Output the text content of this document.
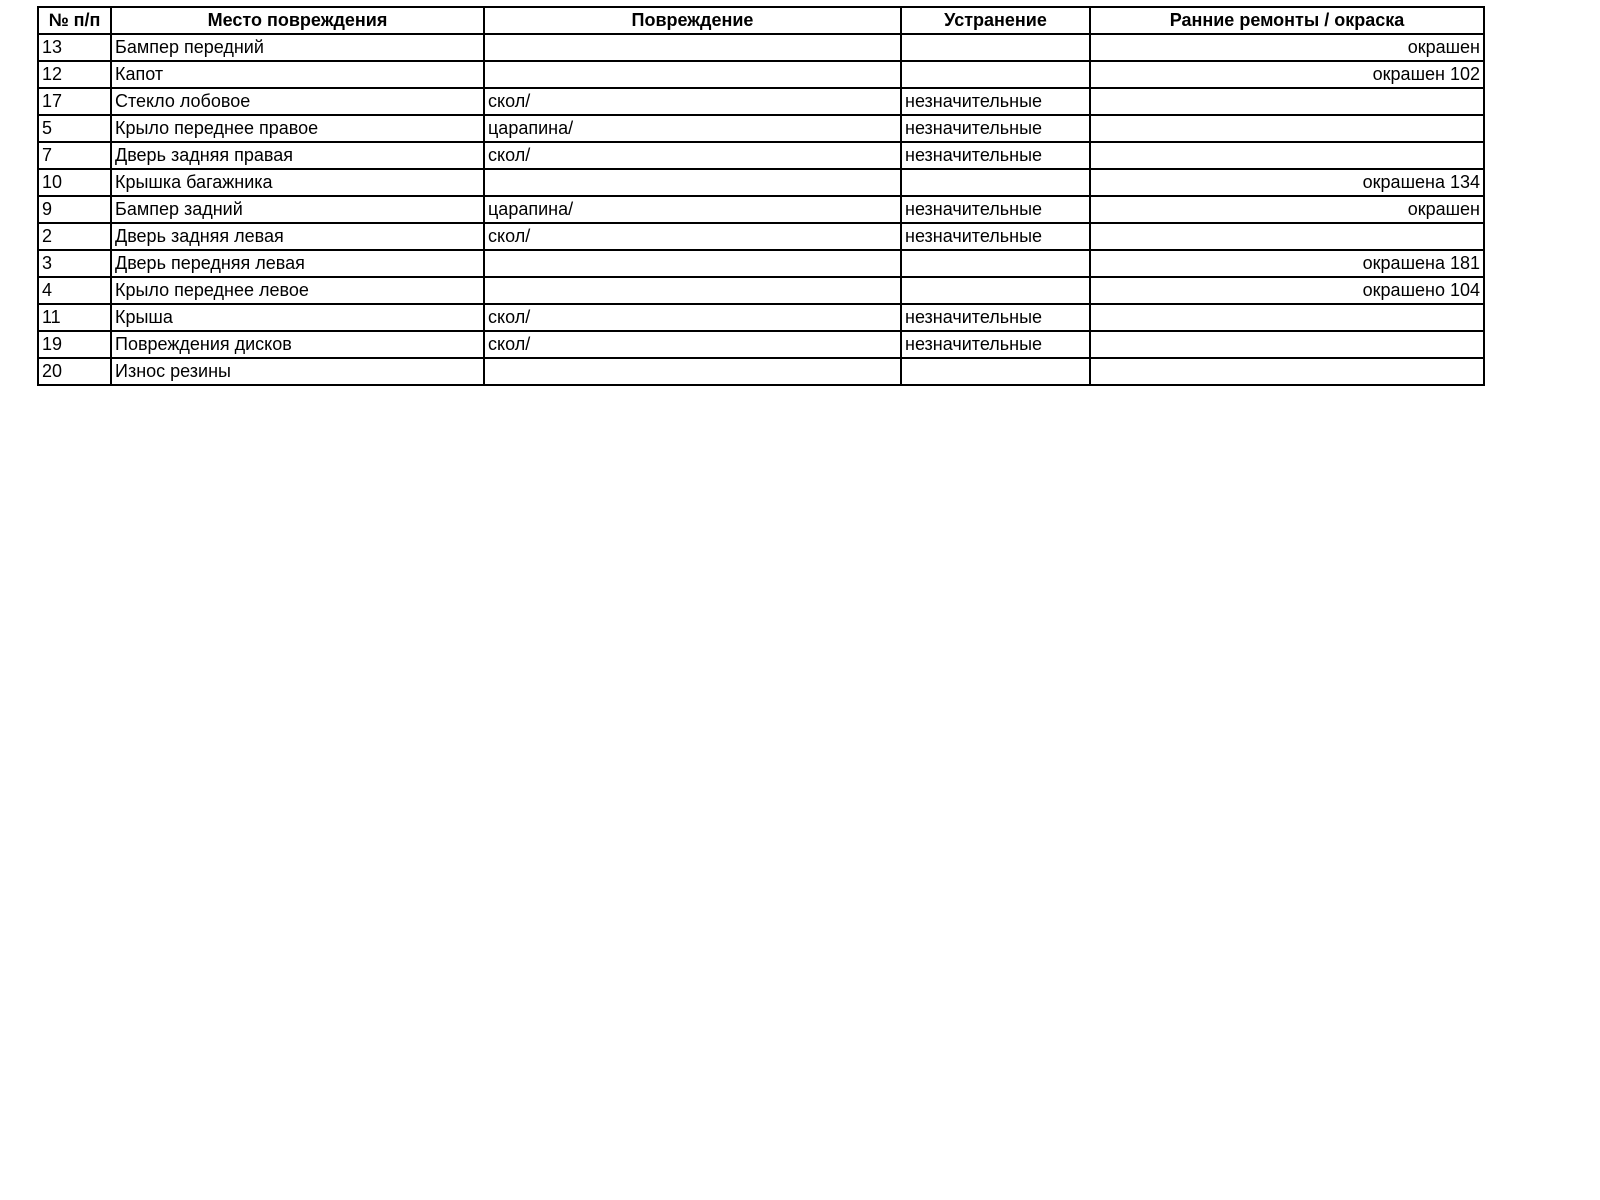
№ п/п	Место повреждения	Повреждение	Устранение	Ранние ремонты / окраска
13	Бампер передний			окрашен
12	Капот			окрашен 102
17	Стекло лобовое	скол/	незначительные	
5	Крыло переднее правое	царапина/	незначительные	
7	Дверь задняя правая	скол/	незначительные	
10	Крышка багажника			окрашена 134
9	Бампер задний	царапина/	незначительные	окрашен
2	Дверь задняя левая	скол/	незначительные	
3	Дверь передняя левая			окрашена 181
4	Крыло переднее левое			окрашено 104
11	Крыша	скол/	незначительные	
19	Повреждения дисков	скол/	незначительные	
20	Износ резины			
